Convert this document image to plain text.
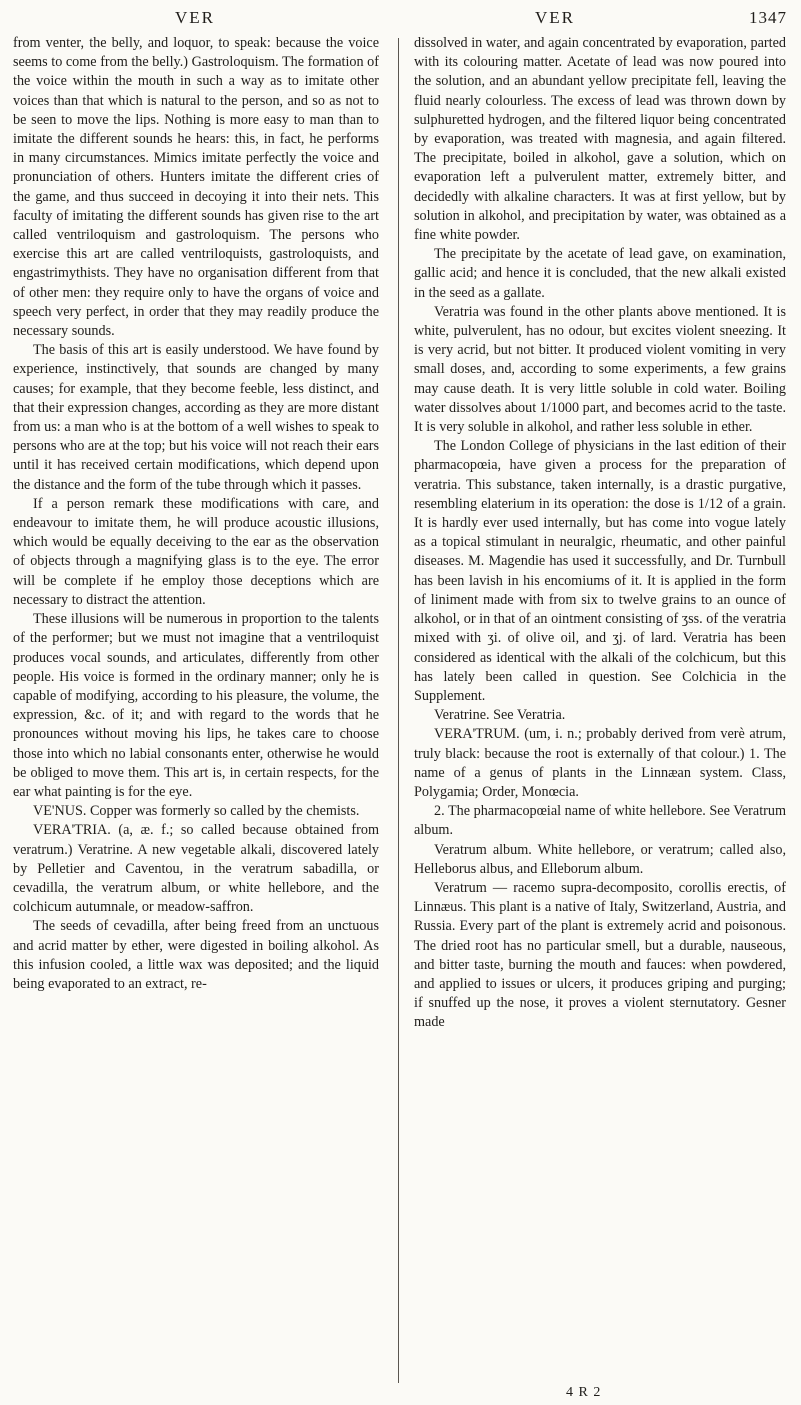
VER	VER	1347

from venter, the belly, and loquor, to speak: because the voice seems to come from the belly.) Gastroloquism. The formation of the voice within the mouth in such a way as to imitate other voices than that which is natural to the person, and so as not to be seen to move the lips. Nothing is more easy to man than to imitate the different sounds he hears: this, in fact, he performs in many circumstances. Mimics imitate perfectly the voice and pronunciation of others. Hunters imitate the different cries of the game, and thus succeed in decoying it into their nets. This faculty of imitating the different sounds has given rise to the art called ventriloquism and gastroloquism. The persons who exercise this art are called ventriloquists, gastroloquists, and engastrimythists. They have no organisation different from that of other men: they require only to have the organs of voice and speech very perfect, in order that they may readily produce the necessary sounds.

The basis of this art is easily understood. We have found by experience, instinctively, that sounds are changed by many causes; for example, that they become feeble, less distinct, and that their expression changes, according as they are more distant from us: a man who is at the bottom of a well wishes to speak to persons who are at the top; but his voice will not reach their ears until it has received certain modifications, which depend upon the distance and the form of the tube through which it passes.

If a person remark these modifications with care, and endeavour to imitate them, he will produce acoustic illusions, which would be equally deceiving to the ear as the observation of objects through a magnifying glass is to the eye. The error will be complete if he employ those deceptions which are necessary to distract the attention.

These illusions will be numerous in proportion to the talents of the performer; but we must not imagine that a ventriloquist produces vocal sounds, and articulates, differently from other people. His voice is formed in the ordinary manner; only he is capable of modifying, according to his pleasure, the volume, the expression, &c. of it; and with regard to the words that he pronounces without moving his lips, he takes care to choose those into which no labial consonants enter, otherwise he would be obliged to move them. This art is, in certain respects, for the ear what painting is for the eye.

VE'NUS. Copper was formerly so called by the chemists.

VERA'TRIA. (a, æ. f.; so called because obtained from veratrum.) Veratrine. A new vegetable alkali, discovered lately by Pelletier and Caventou, in the veratrum sabadilla, or cevadilla, the veratrum album, or white hellebore, and the colchicum autumnale, or meadow-saffron.

The seeds of cevadilla, after being freed from an unctuous and acrid matter by ether, were digested in boiling alkohol. As this infusion cooled, a little wax was deposited; and the liquid being evaporated to an extract, re-

dissolved in water, and again concentrated by evaporation, parted with its colouring matter. Acetate of lead was now poured into the solution, and an abundant yellow precipitate fell, leaving the fluid nearly colourless. The excess of lead was thrown down by sulphuretted hydrogen, and the filtered liquor being concentrated by evaporation, was treated with magnesia, and again filtered. The precipitate, boiled in alkohol, gave a solution, which on evaporation left a pulverulent matter, extremely bitter, and decidedly with alkaline characters. It was at first yellow, but by solution in alkohol, and precipitation by water, was obtained as a fine white powder.

The precipitate by the acetate of lead gave, on examination, gallic acid; and hence it is concluded, that the new alkali existed in the seed as a gallate.

Veratria was found in the other plants above mentioned. It is white, pulverulent, has no odour, but excites violent sneezing. It is very acrid, but not bitter. It produced violent vomiting in very small doses, and, according to some experiments, a few grains may cause death. It is very little soluble in cold water. Boiling water dissolves about 1/1000 part, and becomes acrid to the taste. It is very soluble in alkohol, and rather less soluble in ether.

The London College of physicians in the last edition of their pharmacopœia, have given a process for the preparation of veratria. This substance, taken internally, is a drastic purgative, resembling elaterium in its operation: the dose is 1/12 of a grain. It is hardly ever used internally, but has come into vogue lately as a topical stimulant in neuralgic, rheumatic, and other painful diseases. M. Magendie has used it successfully, and Dr. Turnbull has been lavish in his encomiums of it. It is applied in the form of liniment made with from six to twelve grains to an ounce of alkohol, or in that of an ointment consisting of ʒss. of the veratria mixed with ʒi. of olive oil, and ʒj. of lard. Veratria has been considered as identical with the alkali of the colchicum, but this has lately been called in question. See Colchicia in the Supplement.

Veratrine. See Veratria.

VERA'TRUM. (um, i. n.; probably derived from verè atrum, truly black: because the root is externally of that colour.) 1. The name of a genus of plants in the Linnæan system. Class, Polygamia; Order, Monœcia.

2. The pharmacopœial name of white hellebore. See Veratrum album.

Veratrum album. White hellebore, or veratrum; called also, Helleborus albus, and Elleborum album.

Veratrum — racemo supra-decomposito, corollis erectis, of Linnæus. This plant is a native of Italy, Switzerland, Austria, and Russia. Every part of the plant is extremely acrid and poisonous. The dried root has no particular smell, but a durable, nauseous, and bitter taste, burning the mouth and fauces: when powdered, and applied to issues or ulcers, it produces griping and purging; if snuffed up the nose, it proves a violent sternutatory. Gesner made

4 R 2
